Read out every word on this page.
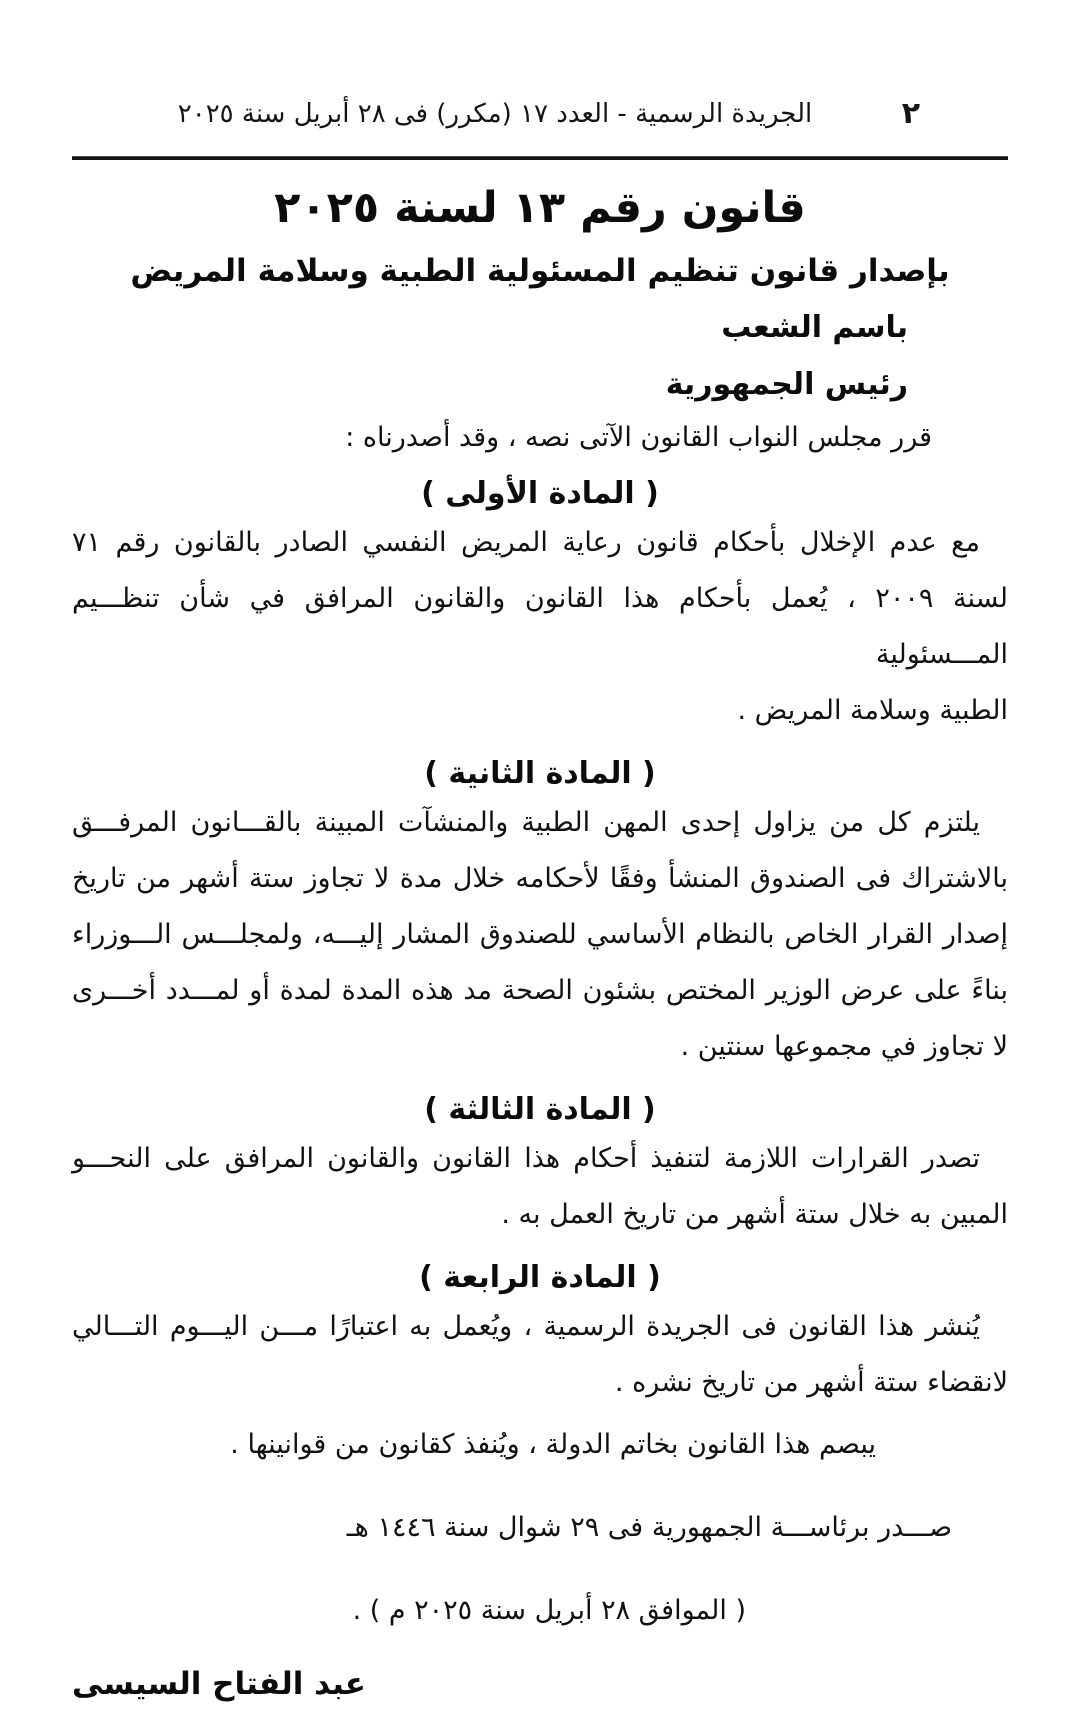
الجريدة الرسمية - العدد ١٧ (مكرر) فى ٢٨ أبريل سنة ٢٠٢٥	٢
قانون رقم ١٣ لسنة ٢٠٢٥
بإصدار قانون تنظيم المسئولية الطبية وسلامة المريض

باسم الشعب

رئيس الجمهورية

قرر مجلس النواب القانون الآتى نصه ، وقد أصدرناه :

( المادة الأولى )
مع عدم الإخلال بأحكام قانون رعاية المريض النفسي الصادر بالقانون رقم ٧١
لسنة ٢٠٠٩ ، يُعمل بأحكام هذا القانون والقانون المرافق في شأن تنظـــيم المـــسئولية
الطبية وسلامة المريض .
( المادة الثانية )
يلتزم كل من يزاول إحدى المهن الطبية والمنشآت المبينة بالقـــانون المرفـــق
بالاشتراك فى الصندوق المنشأ وفقًا لأحكامه خلال مدة لا تجاوز ستة أشهر من تاريخ
إصدار القرار الخاص بالنظام الأساسي للصندوق المشار إليـــه، ولمجلـــس الـــوزراء
بناءً على عرض الوزير المختص بشئون الصحة مد هذه المدة لمدة أو لمـــدد أخـــرى
لا تجاوز في مجموعها سنتين .
( المادة الثالثة )
تصدر القرارات اللازمة لتنفيذ أحكام هذا القانون والقانون المرافق على النحـــو
المبين به خلال ستة أشهر من تاريخ العمل به .
( المادة الرابعة )
يُنشر هذا القانون فى الجريدة الرسمية ، ويُعمل به اعتبارًا مـــن اليـــوم التـــالي
لانقضاء ستة أشهر من تاريخ نشره .

يبصم هذا القانون بخاتم الدولة ، ويُنفذ كقانون من قوانينها .

صـــدر برئاســـة الجمهورية فى ٢٩ شوال سنة ١٤٤٦ هـ

( الموافق ٢٨ أبريل سنة ٢٠٢٥ م ) .

عبد الفتاح السيسى
